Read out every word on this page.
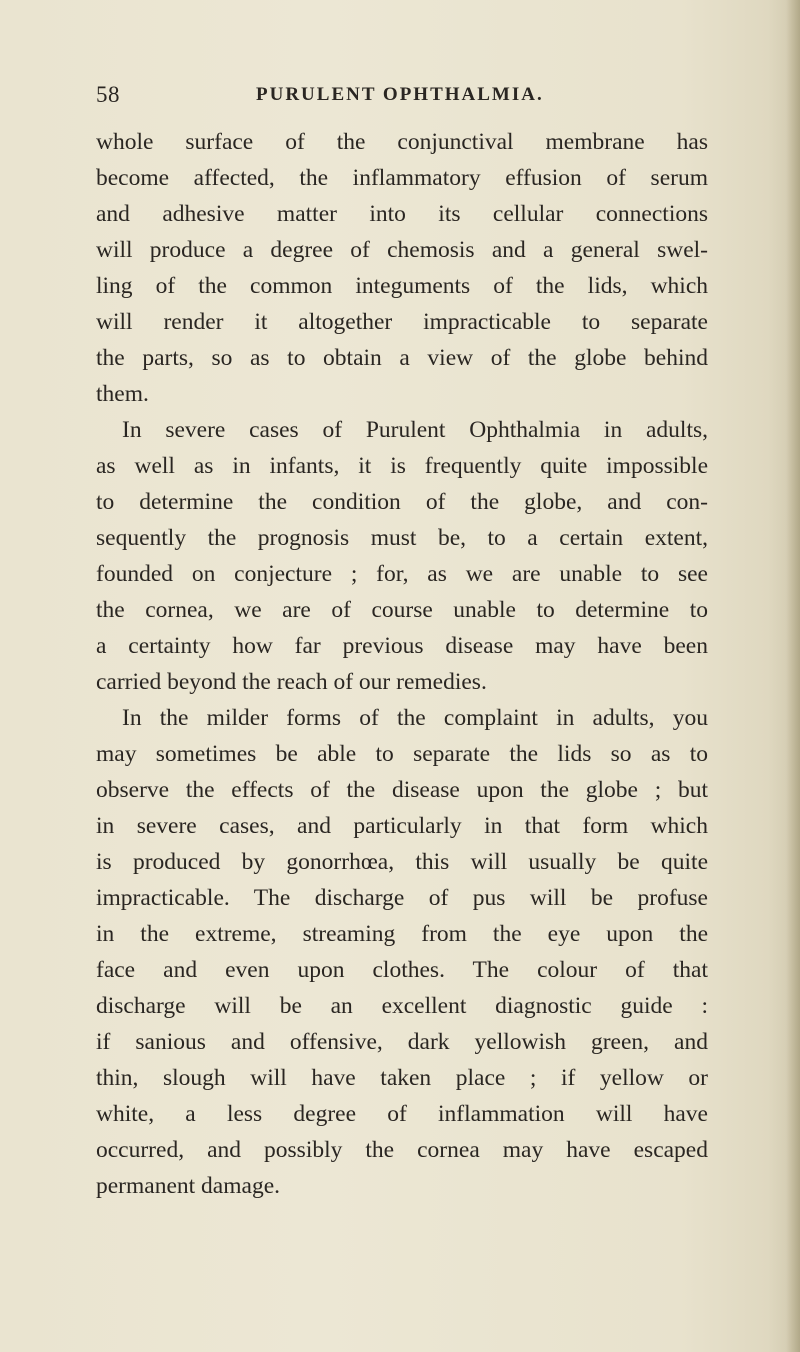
58	PURULENT OPHTHALMIA.
whole surface of the conjunctival membrane has
become affected, the inflammatory effusion of serum
and adhesive matter into its cellular connections
will produce a degree of chemosis and a general swel-
ling of the common integuments of the lids, which
will render it altogether impracticable to separate
the parts, so as to obtain a view of the globe behind
them.
In severe cases of Purulent Ophthalmia in adults,
as well as in infants, it is frequently quite impossible
to determine the condition of the globe, and con-
sequently the prognosis must be, to a certain extent,
founded on conjecture ; for, as we are unable to see
the cornea, we are of course unable to determine to
a certainty how far previous disease may have been
carried beyond the reach of our remedies.
In the milder forms of the complaint in adults, you
may sometimes be able to separate the lids so as to
observe the effects of the disease upon the globe ; but
in severe cases, and particularly in that form which
is produced by gonorrhœa, this will usually be quite
impracticable. The discharge of pus will be profuse
in the extreme, streaming from the eye upon the
face and even upon clothes. The colour of that
discharge will be an excellent diagnostic guide :
if sanious and offensive, dark yellowish green, and
thin, slough will have taken place ; if yellow or
white, a less degree of inflammation will have
occurred, and possibly the cornea may have escaped
permanent damage.
